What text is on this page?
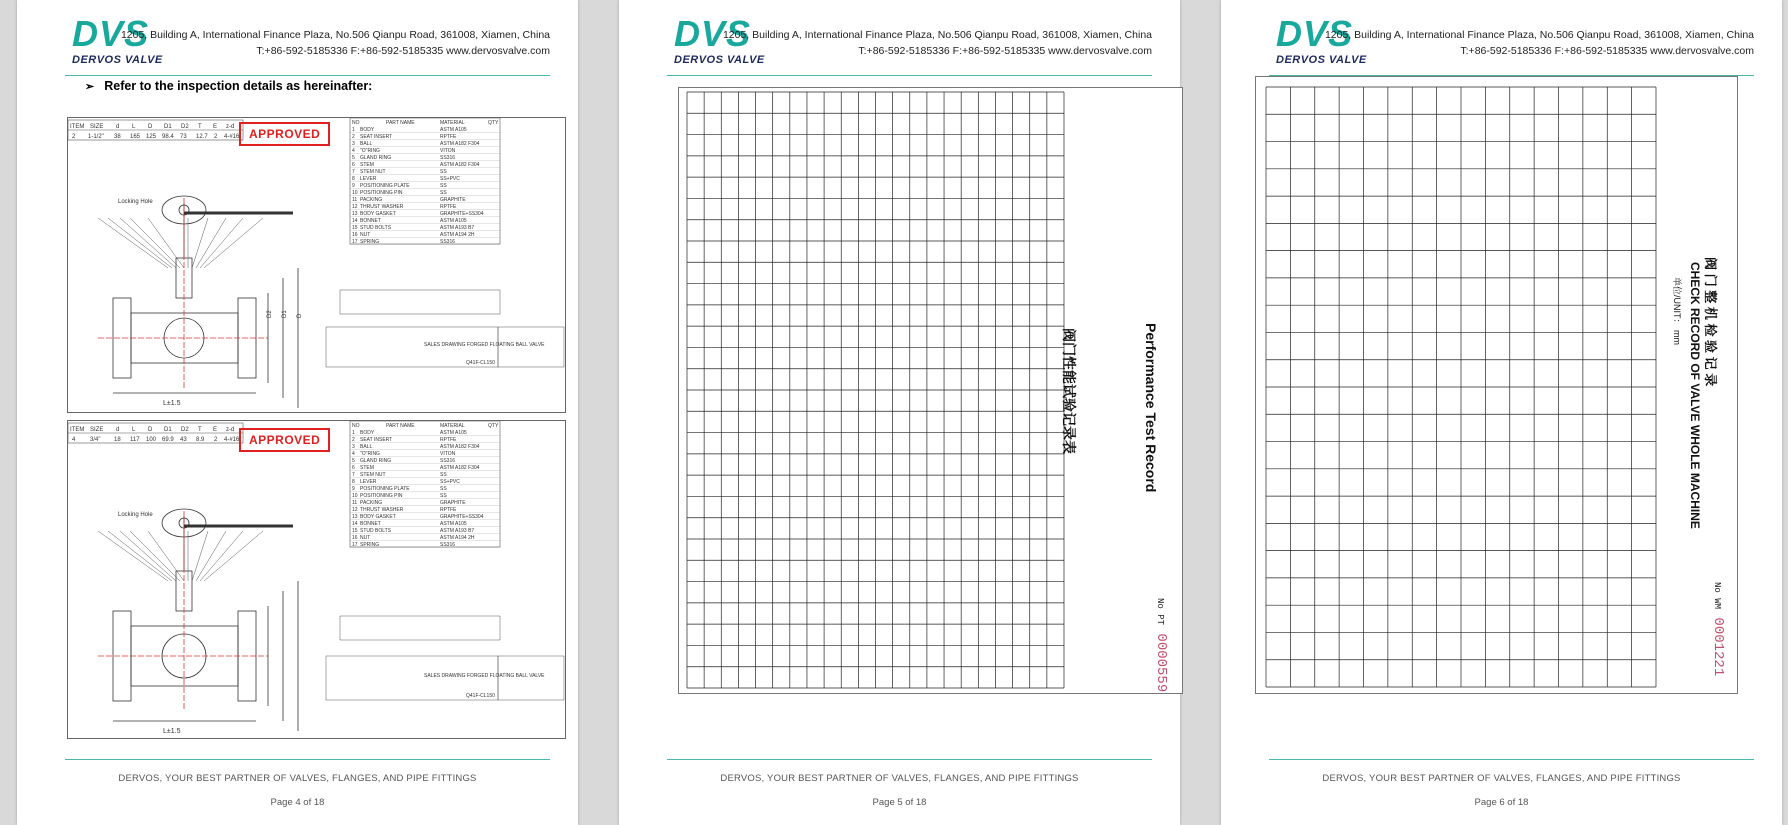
DVS
DERVOS VALVE
1205, Building A, International Finance Plaza, No.506 Qianpu Road, 361008, Xiamen, China
T:+86-592-5185336 F:+86-592-5185335 www.dervosvalve.com
➢ Refer to the inspection details as hereinafter:
ITEM SIZE d L D D1 D2 T E z-d
2 1-1/2" 38 165 125 98.4 73 12.7 2 4-#16
Locking Hole
L±1.5
D2 D1 D
NO	PART NAME	MATERIAL	QTY
1 BODY	ASTM A105
2 SEAT INSERT	RPTFE
3 BALL	ASTM A182 F304
4 "O"RING	VITON
5 GLAND RING	SS316
6 STEM	ASTM A182 F304
7 STEM NUT	SS
8 LEVER	SS+PVC
9 POSITIONING PLATE	SS
10 POSITIONING PIN	SS
11 PACKING	GRAPHITE
12 THRUST WASHER	RPTFE
13 BODY GASKET	GRAPHITE+SS304
14 BONNET	ASTM A105
15 STUD BOLTS	ASTM A193 B7
16 NUT	ASTM A194 2H
17 SPRING	SS316
SALES DRAWING FORGED FLOATING BALL VALVE
Q41F-CL150
APPROVED
ITEM SIZE d L D D1 D2 T E z-d
4 3/4" 18 117 100 69.9 43 8.9 2 4-#16
Locking Hole
L±1.5
NO	PART NAME	MATERIAL	QTY
1 BODY	ASTM A105
2 SEAT INSERT	RPTFE
3 BALL	ASTM A182 F304
4 "O"RING	VITON
5 GLAND RING	SS316
6 STEM	ASTM A182 F304
7 STEM NUT	SS
8 LEVER	SS+PVC
9 POSITIONING PLATE	SS
10 POSITIONING PIN	SS
11 PACKING	GRAPHITE
12 THRUST WASHER	RPTFE
13 BODY GASKET	GRAPHITE+SS304
14 BONNET	ASTM A105
15 STUD BOLTS	ASTM A193 B7
16 NUT	ASTM A194 2H
17 SPRING	SS316
SALES DRAWING FORGED FLOATING BALL VALVE
Q41F-CL150
APPROVED
DERVOS, YOUR BEST PARTNER OF VALVES, FLANGES, AND PIPE FITTINGS
Page 4 of 18
DVS
DERVOS VALVE
1205, Building A, International Finance Plaza, No.506 Qianpu Road, 361008, Xiamen, China
T:+86-592-5185336 F:+86-592-5185335 www.dervosvalve.com
DERVOS, YOUR BEST PARTNER OF VALVES, FLANGES, AND PIPE FITTINGS
Page 5 of 18
阀门性能试验记录表	Performance Test Record
No PT 0000559
DVS
DERVOS VALVE
1205, Building A, International Finance Plaza, No.506 Qianpu Road, 361008, Xiamen, China
T:+86-592-5185336 F:+86-592-5185335 www.dervosvalve.com
DERVOS, YOUR BEST PARTNER OF VALVES, FLANGES, AND PIPE FITTINGS
Page 6 of 18
阀 门 整 机 检 验 记 录
CHECK RECORD OF VALVE WHOLE MACHINE
单位/UNIT： mm
No WM 0001221
